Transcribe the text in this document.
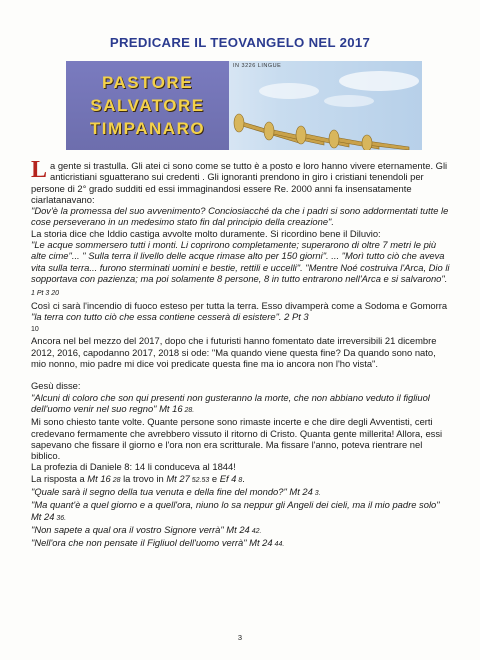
PREDICARE IL TEOVANGELO NEL 2017
PASTORE
SALVATORE
TIMPANARO
IN 3226 LINGUE

La gente si trastulla. Gli atei ci sono come se tutto è a posto e loro hanno vivere eternamente. Gli anticristiani sguatterano sui credenti . Gli ignoranti prendono in giro i cristiani tenendoli per persone di 2° grado sudditi ed essi immaginandosi essere Re. 2000 anni fa insensatamente ciarlatanavano:

"Dov'è la promessa del suo avvenimento? Conciosiacché da che i padri si sono addormentati tutte le cose perseverano in un medesimo stato fin dal principio della creazione".

La storia dice che Iddio castiga avvolte molto duramente. Si ricordino bene il Diluvio:

"Le acque sommersero tutti i monti. Li coprirono completamente; superarono di oltre 7 metri le più alte cime"... " Sulla terra il livello delle acque rimase alto per 150 giorni". ... "Morì tutto ciò che aveva vita sulla terra... furono sterminati uomini e bestie, rettili e uccelli". "Mentre Noé costruiva l'Arca, Dio li sopportava con pazienza; ma poi solamente 8 persone, 8 in tutto entrarono nell'Arca e si salvarono". 1 Pt 3 20

Così ci sarà l'incendio di fuoco esteso per tutta la terra. Esso divamperà come a Sodoma e Gomorra "la terra con tutto ciò che essa contiene cesserà di esistere". 2 Pt 3
10

Ancora nel bel mezzo del 2017, dopo che i futuristi hanno fomentato date irreversibili 21 dicembre 2012, 2016, capodanno 2017, 2018 si ode: "Ma quando viene questa fine? Da quando sono nato, mio nonno, mio padre mi dice voi predicate questa fine ma io ancora non l'ho vista".

Gesù disse:

"Alcuni di coloro che son qui presenti non gusteranno la morte, che non abbiano veduto il figliuol dell'uomo venir nel suo regno" Mt 16 28.

Mi sono chiesto tante volte. Quante persone sono rimaste incerte e che dire degli Avventisti, certi credevano fermamente che avrebbero vissuto il ritorno di Cristo. Quanta gente millerita! Allora, essi sapevano che fissare il giorno e l'ora non era scritturale. Ma fissare l'anno, poteva rientrare nel biblico.

La profezia di Daniele 8: 14 li conduceva al 1844!

La risposta a Mt 16 28 la trovo in Mt 27 52.53 e Ef 4 8.

"Quale sarà il segno della tua venuta e della fine del mondo?" Mt 24 3.

"Ma quant'è a quel giorno e a quell'ora, niuno lo sa neppur gli Angeli dei cieli, ma il mio padre solo" Mt 24 36.

"Non sapete a qual ora il vostro Signore verrà" Mt 24 42.

"Nell'ora che non pensate il Figliuol dell'uomo verrà" Mt 24 44.

3
